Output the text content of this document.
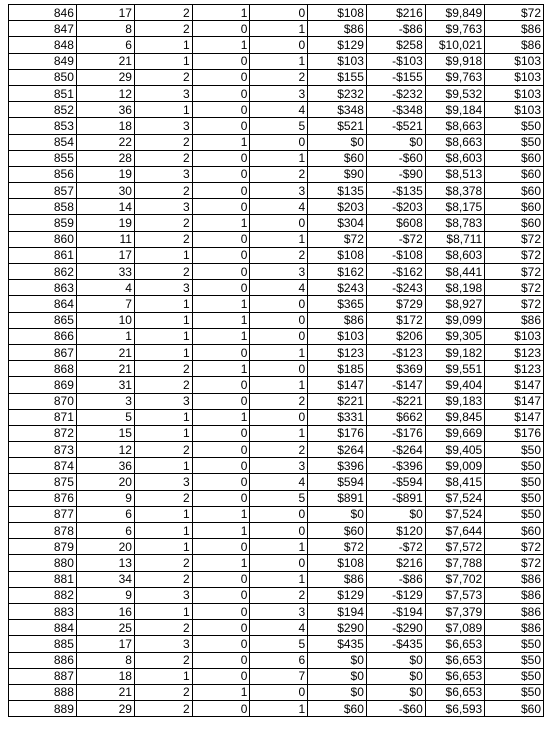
846	17	2	1	0	$108	$216	$9,849	$72
847	8	2	0	1	$86	-$86	$9,763	$86
848	6	1	1	0	$129	$258	$10,021	$86
849	21	1	0	1	$103	-$103	$9,918	$103
850	29	2	0	2	$155	-$155	$9,763	$103
851	12	3	0	3	$232	-$232	$9,532	$103
852	36	1	0	4	$348	-$348	$9,184	$103
853	18	3	0	5	$521	-$521	$8,663	$50
854	22	2	1	0	$0	$0	$8,663	$50
855	28	2	0	1	$60	-$60	$8,603	$60
856	19	3	0	2	$90	-$90	$8,513	$60
857	30	2	0	3	$135	-$135	$8,378	$60
858	14	3	0	4	$203	-$203	$8,175	$60
859	19	2	1	0	$304	$608	$8,783	$60
860	11	2	0	1	$72	-$72	$8,711	$72
861	17	1	0	2	$108	-$108	$8,603	$72
862	33	2	0	3	$162	-$162	$8,441	$72
863	4	3	0	4	$243	-$243	$8,198	$72
864	7	1	1	0	$365	$729	$8,927	$72
865	10	1	1	0	$86	$172	$9,099	$86
866	1	1	1	0	$103	$206	$9,305	$103
867	21	1	0	1	$123	-$123	$9,182	$123
868	21	2	1	0	$185	$369	$9,551	$123
869	31	2	0	1	$147	-$147	$9,404	$147
870	3	3	0	2	$221	-$221	$9,183	$147
871	5	1	1	0	$331	$662	$9,845	$147
872	15	1	0	1	$176	-$176	$9,669	$176
873	12	2	0	2	$264	-$264	$9,405	$50
874	36	1	0	3	$396	-$396	$9,009	$50
875	20	3	0	4	$594	-$594	$8,415	$50
876	9	2	0	5	$891	-$891	$7,524	$50
877	6	1	1	0	$0	$0	$7,524	$50
878	6	1	1	0	$60	$120	$7,644	$60
879	20	1	0	1	$72	-$72	$7,572	$72
880	13	2	1	0	$108	$216	$7,788	$72
881	34	2	0	1	$86	-$86	$7,702	$86
882	9	3	0	2	$129	-$129	$7,573	$86
883	16	1	0	3	$194	-$194	$7,379	$86
884	25	2	0	4	$290	-$290	$7,089	$86
885	17	3	0	5	$435	-$435	$6,653	$50
886	8	2	0	6	$0	$0	$6,653	$50
887	18	1	0	7	$0	$0	$6,653	$50
888	21	2	1	0	$0	$0	$6,653	$50
889	29	2	0	1	$60	-$60	$6,593	$60
